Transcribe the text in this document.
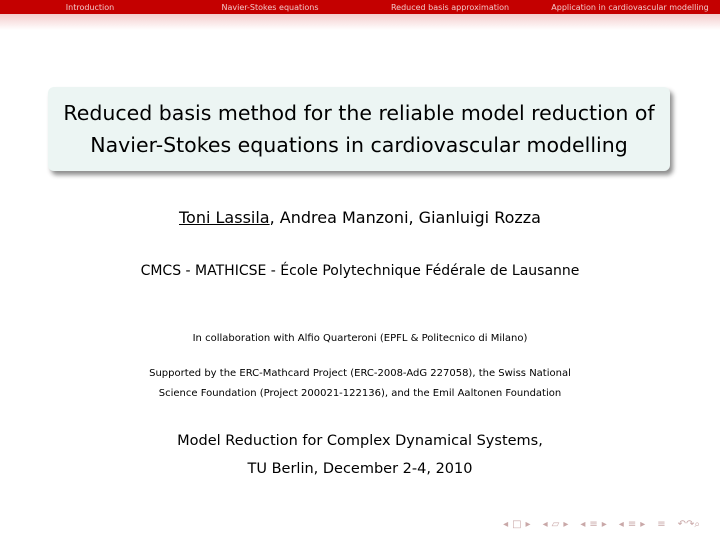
Introduction	Navier-Stokes equations	Reduced basis approximation	Application in cardiovascular modelling
Reduced basis method for the reliable model reduction of
Navier-Stokes equations in cardiovascular modelling
Toni Lassila, Andrea Manzoni, Gianluigi Rozza
CMCS - MATHICSE - École Polytechnique Fédérale de Lausanne
In collaboration with Alfio Quarteroni (EPFL & Politecnico di Milano)
Supported by the ERC-Mathcard Project (ERC-2008-AdG 227058), the Swiss National
Science Foundation (Project 200021-122136), and the Emil Aaltonen Foundation
Model Reduction for Complex Dynamical Systems,
TU Berlin, December 2-4, 2010
◂ □ ▸ ◂ ▱ ▸ ◂ ≡ ▸ ◂ ≡ ▸ ≡ ↶↷⌕
